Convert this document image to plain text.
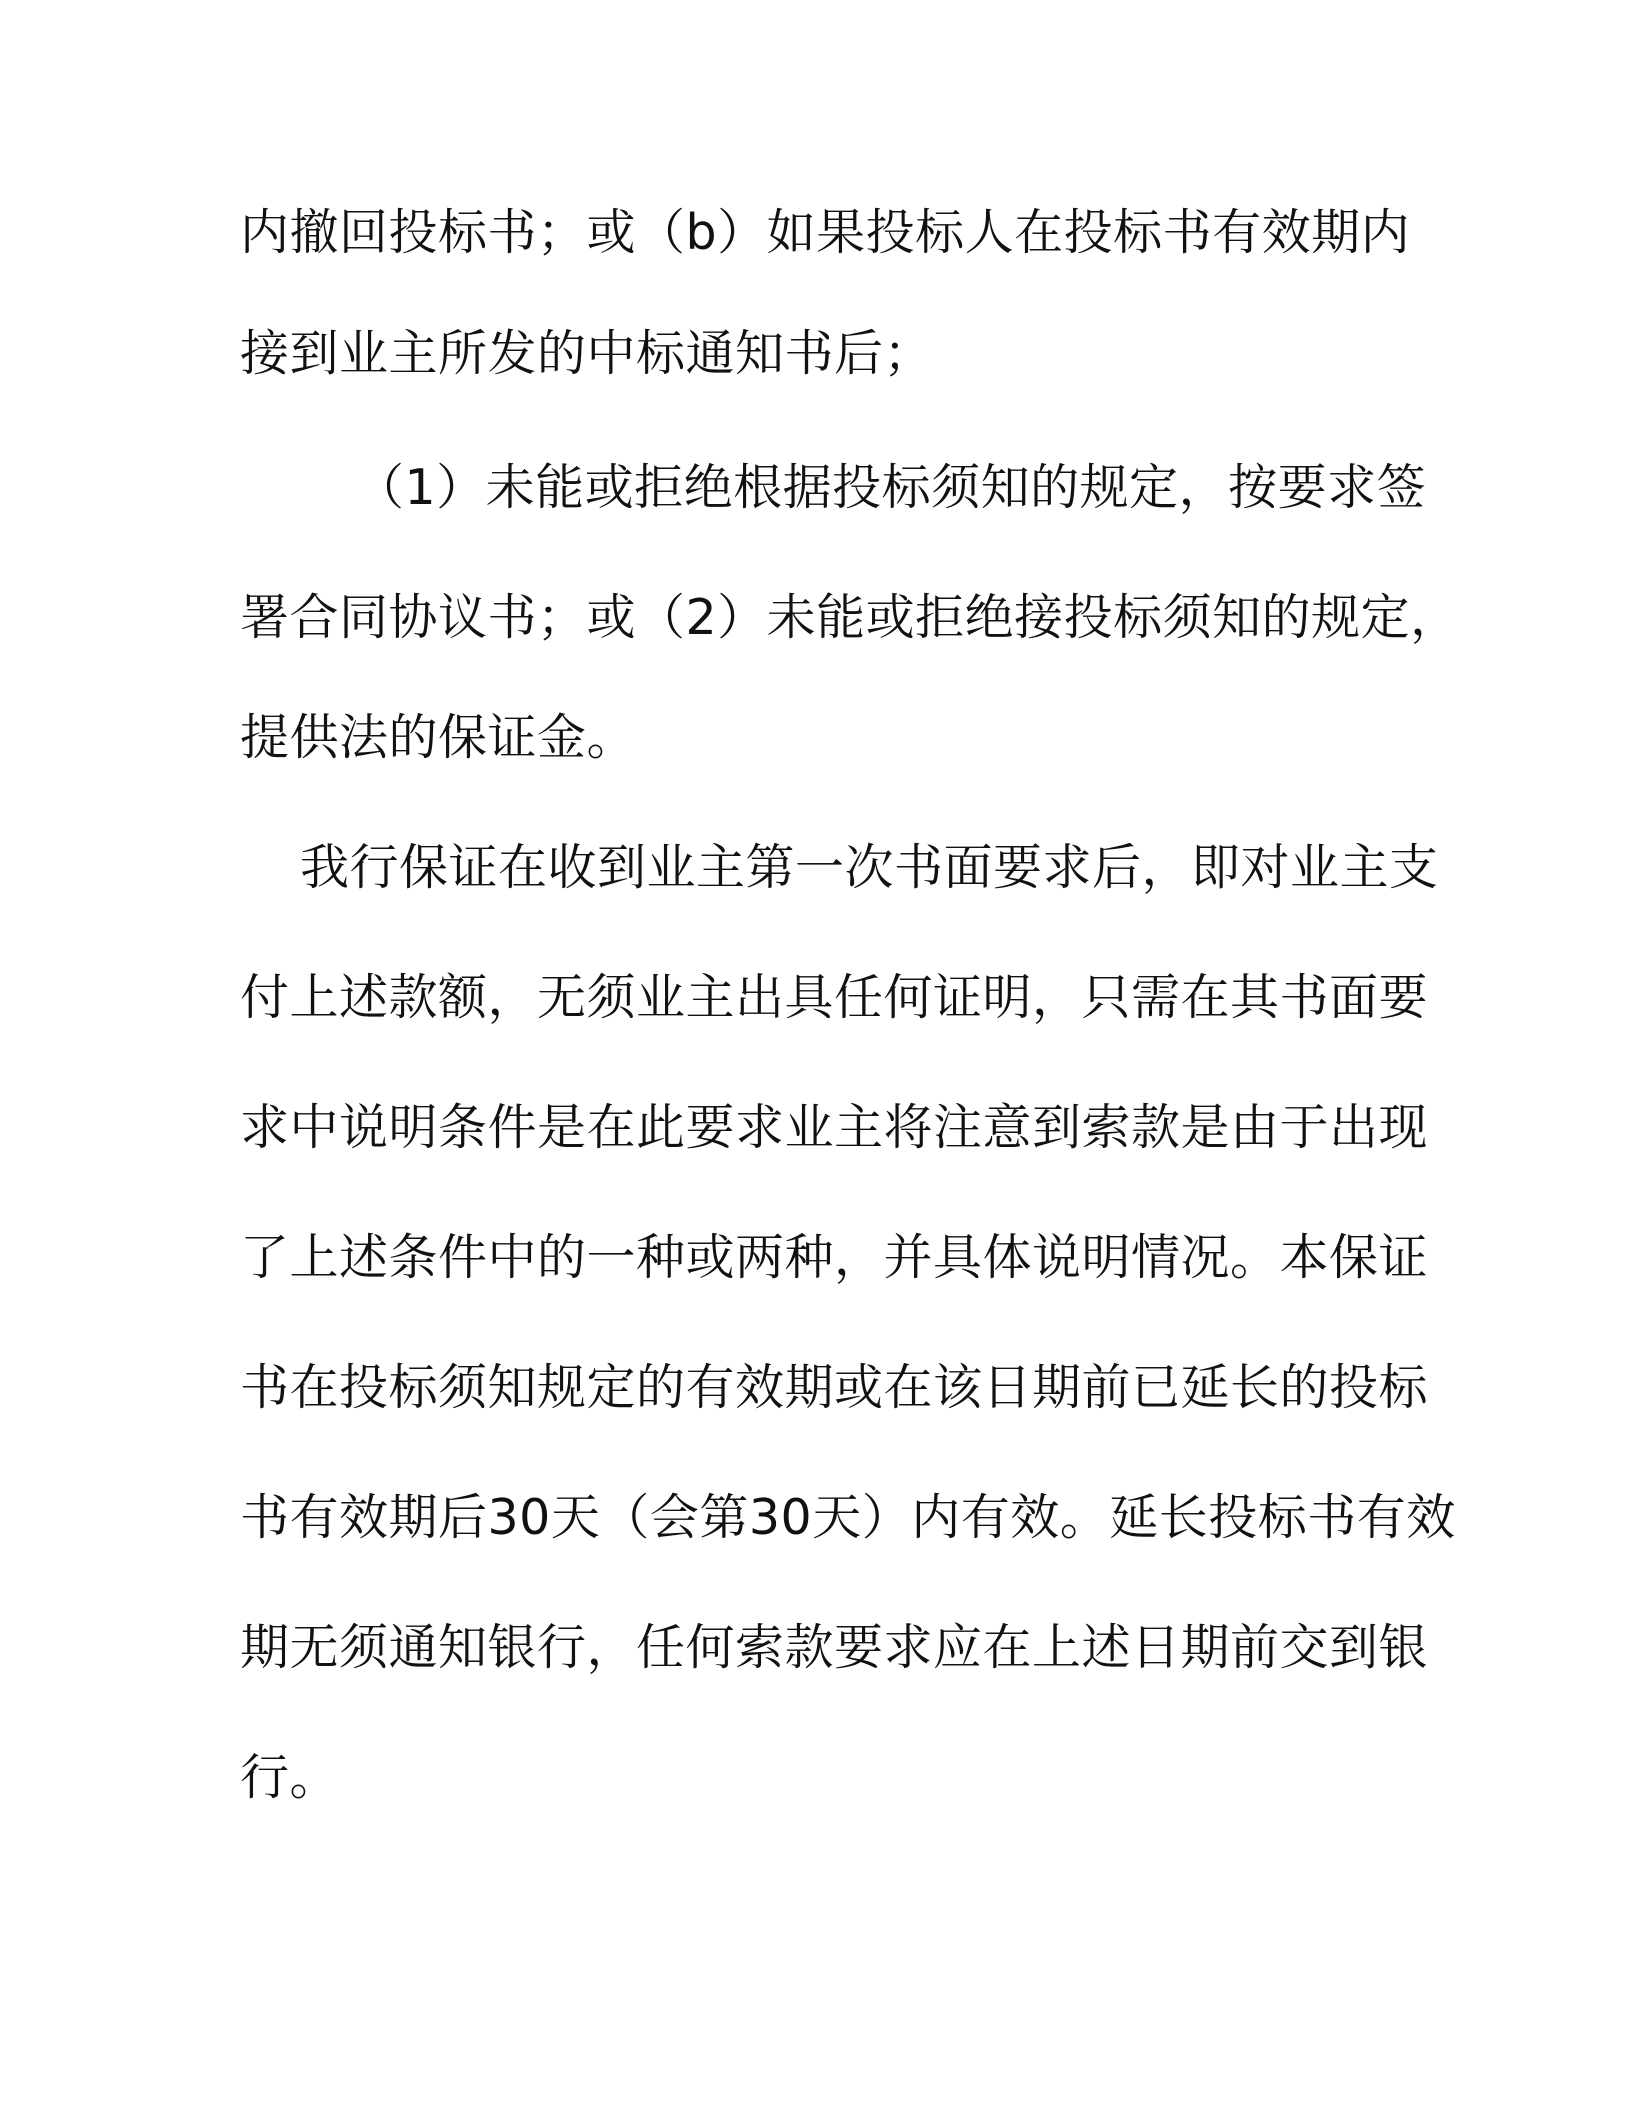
内撤回投标书；或（b）如果投标人在投标书有效期内
接到业主所发的中标通知书后；
（1）未能或拒绝根据投标须知的规定，按要求签
署合同协议书；或（2）未能或拒绝接投标须知的规定，
提供法的保证金。
我行保证在收到业主第一次书面要求后，即对业主支
付上述款额，无须业主出具任何证明，只需在其书面要
求中说明条件是在此要求业主将注意到索款是由于出现
了上述条件中的一种或两种，并具体说明情况。本保证
书在投标须知规定的有效期或在该日期前已延长的投标
书有效期后30天（会第30天）内有效。延长投标书有效
期无须通知银行，任何索款要求应在上述日期前交到银
行。
